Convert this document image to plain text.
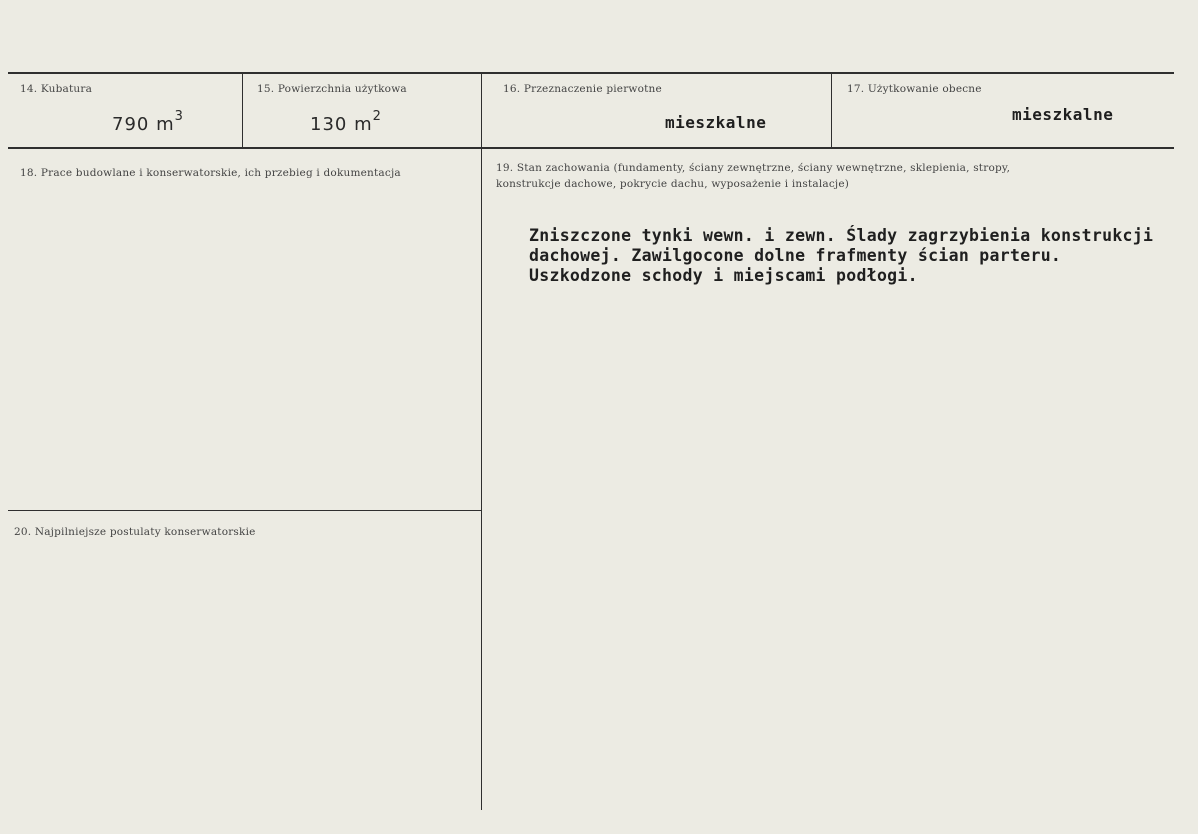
14. Kubatura
790 $m^3$
15. Powierzchnia użytkowa
130 $m^2$
16. Przeznaczenie pierwotne
mieszkalne
17. Użytkowanie obecne
mieszkalne
18. Prace budowlane i konserwatorskie, ich przebieg i dokumentacja	19. Stan zachowania (fundamenty, ściany zewnętrzne, ściany wewnętrzne, sklepienia, stropy,
konstrukcje dachowe, pokrycie dachu, wyposażenie i instalacje)
Zniszczone tynki wewn. i zewn. Ślady zagrzybienia konstrukcji
dachowej. Zawilgocone dolne frafmenty ścian parteru.
Uszkodzone schody i miejscami podłogi.
20. Najpilniejsze postulaty konserwatorskie
